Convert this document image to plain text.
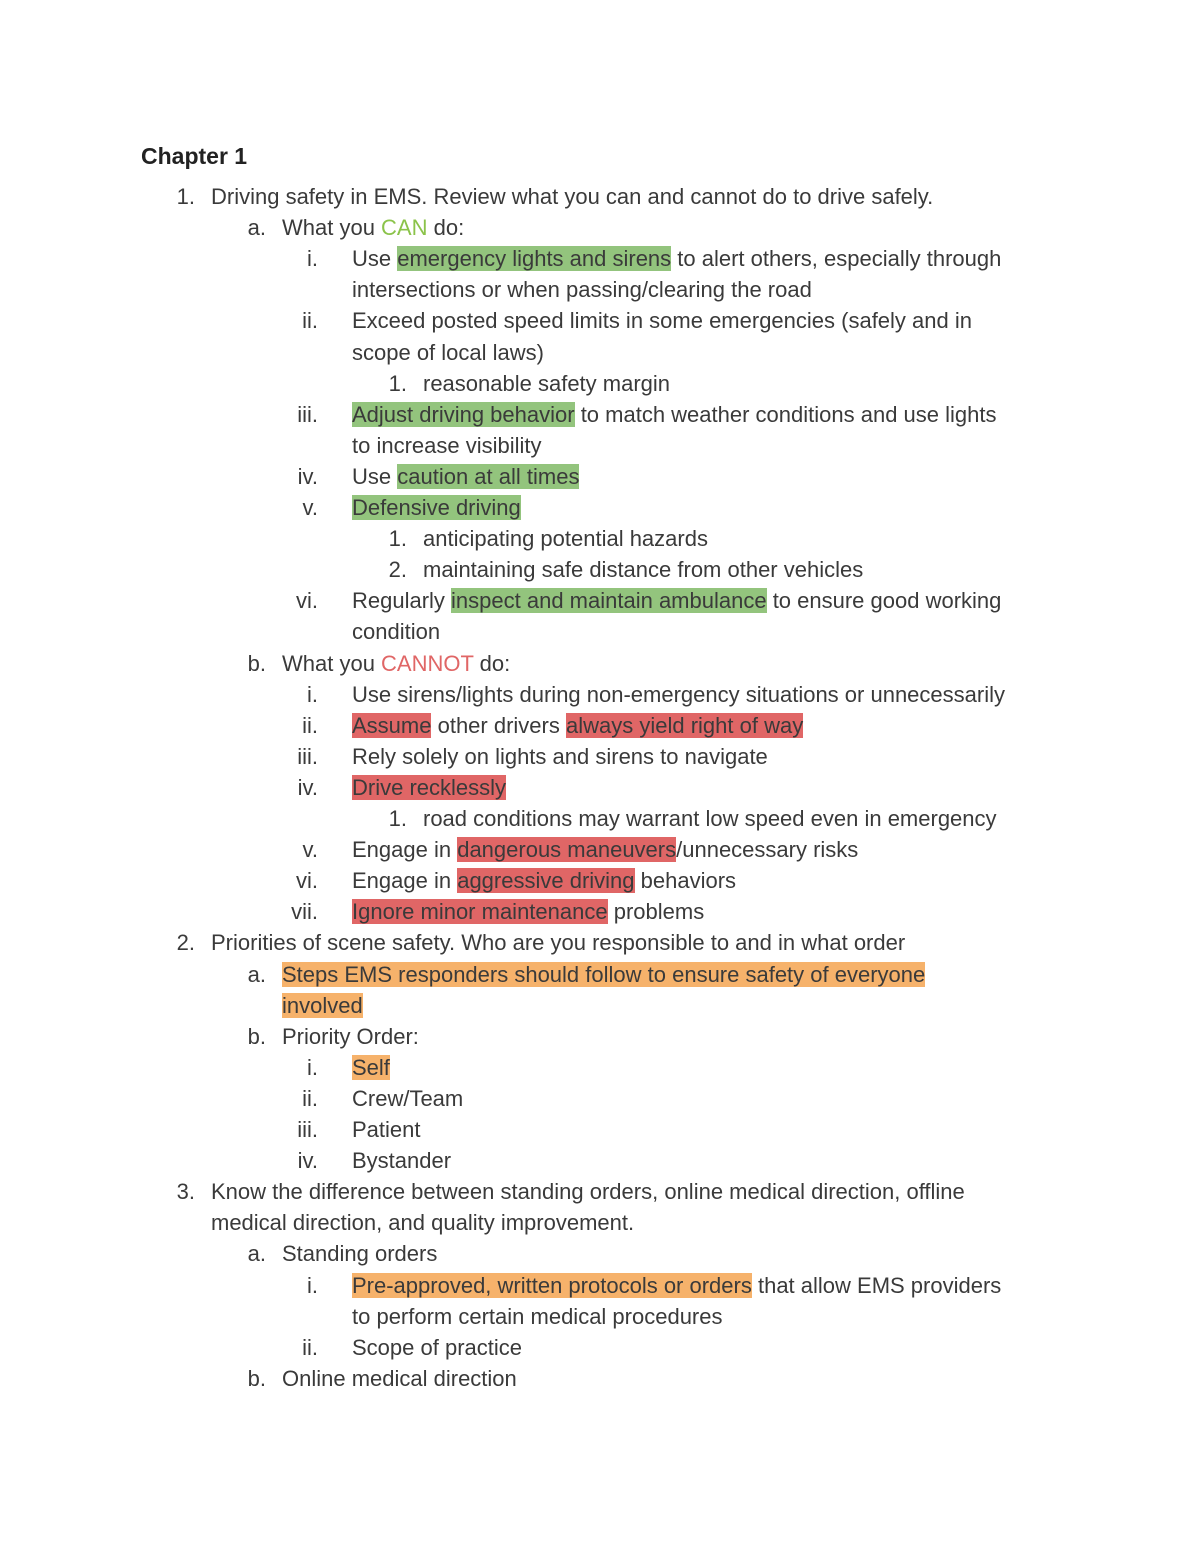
Chapter 1
1. Driving safety in EMS. Review what you can and cannot do to drive safely.
a. What you CAN do:
i. Use emergency lights and sirens to alert others, especially through
intersections or when passing/clearing the road
ii. Exceed posted speed limits in some emergencies (safely and in
scope of local laws)
1. reasonable safety margin
iii. Adjust driving behavior to match weather conditions and use lights
to increase visibility
iv. Use caution at all times
v. Defensive driving
1. anticipating potential hazards
2. maintaining safe distance from other vehicles
vi. Regularly inspect and maintain ambulance to ensure good working
condition
b. What you CANNOT do:
i. Use sirens/lights during non-emergency situations or unnecessarily
ii. Assume other drivers always yield right of way
iii. Rely solely on lights and sirens to navigate
iv. Drive recklessly
1. road conditions may warrant low speed even in emergency
v. Engage in dangerous maneuvers/unnecessary risks
vi. Engage in aggressive driving behaviors
vii. Ignore minor maintenance problems
2. Priorities of scene safety. Who are you responsible to and in what order
a. Steps EMS responders should follow to ensure safety of everyone
involved
b. Priority Order:
i. Self
ii. Crew/Team
iii. Patient
iv. Bystander
3. Know the difference between standing orders, online medical direction, offline
medical direction, and quality improvement.
a. Standing orders
i. Pre-approved, written protocols or orders that allow EMS providers
to perform certain medical procedures
ii. Scope of practice
b. Online medical direction
